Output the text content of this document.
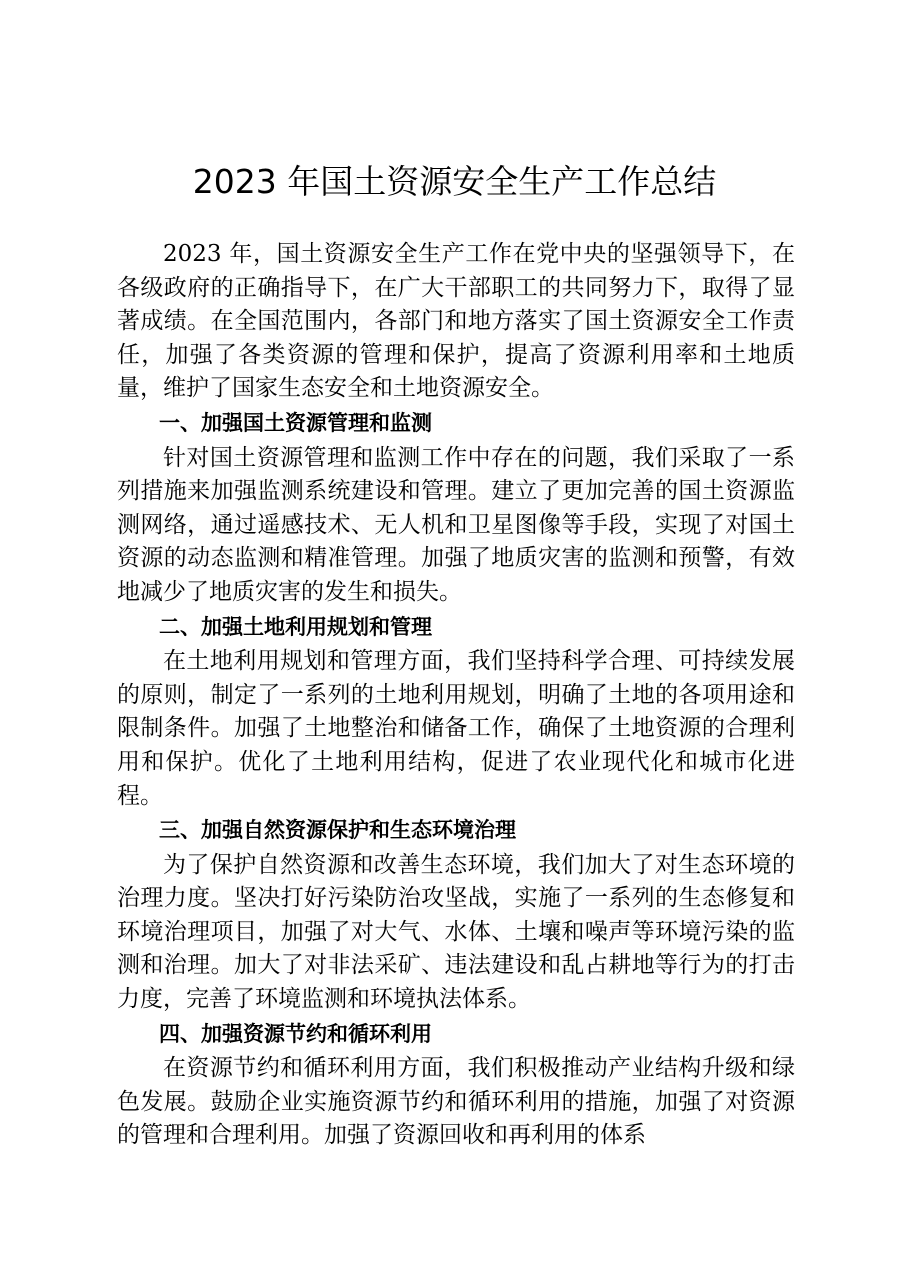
2023 年国土资源安全生产工作总结

2023 年，国土资源安全生产工作在党中央的坚强领导下，在各级政府的正确指导下，在广大干部职工的共同努力下，取得了显著成绩。在全国范围内，各部门和地方落实了国土资源安全工作责任，加强了各类资源的管理和保护，提高了资源利用率和土地质量，维护了国家生态安全和土地资源安全。

一、加强国土资源管理和监测

针对国土资源管理和监测工作中存在的问题，我们采取了一系列措施来加强监测系统建设和管理。建立了更加完善的国土资源监测网络，通过遥感技术、无人机和卫星图像等手段，实现了对国土资源的动态监测和精准管理。加强了地质灾害的监测和预警，有效地减少了地质灾害的发生和损失。

二、加强土地利用规划和管理

在土地利用规划和管理方面，我们坚持科学合理、可持续发展的原则，制定了一系列的土地利用规划，明确了土地的各项用途和限制条件。加强了土地整治和储备工作，确保了土地资源的合理利用和保护。优化了土地利用结构，促进了农业现代化和城市化进程。

三、加强自然资源保护和生态环境治理

为了保护自然资源和改善生态环境，我们加大了对生态环境的治理力度。坚决打好污染防治攻坚战，实施了一系列的生态修复和环境治理项目，加强了对大气、水体、土壤和噪声等环境污染的监测和治理。加大了对非法采矿、违法建设和乱占耕地等行为的打击力度，完善了环境监测和环境执法体系。

四、加强资源节约和循环利用

在资源节约和循环利用方面，我们积极推动产业结构升级和绿色发展。鼓励企业实施资源节约和循环利用的措施，加强了对资源的管理和合理利用。加强了资源回收和再利用的体系
